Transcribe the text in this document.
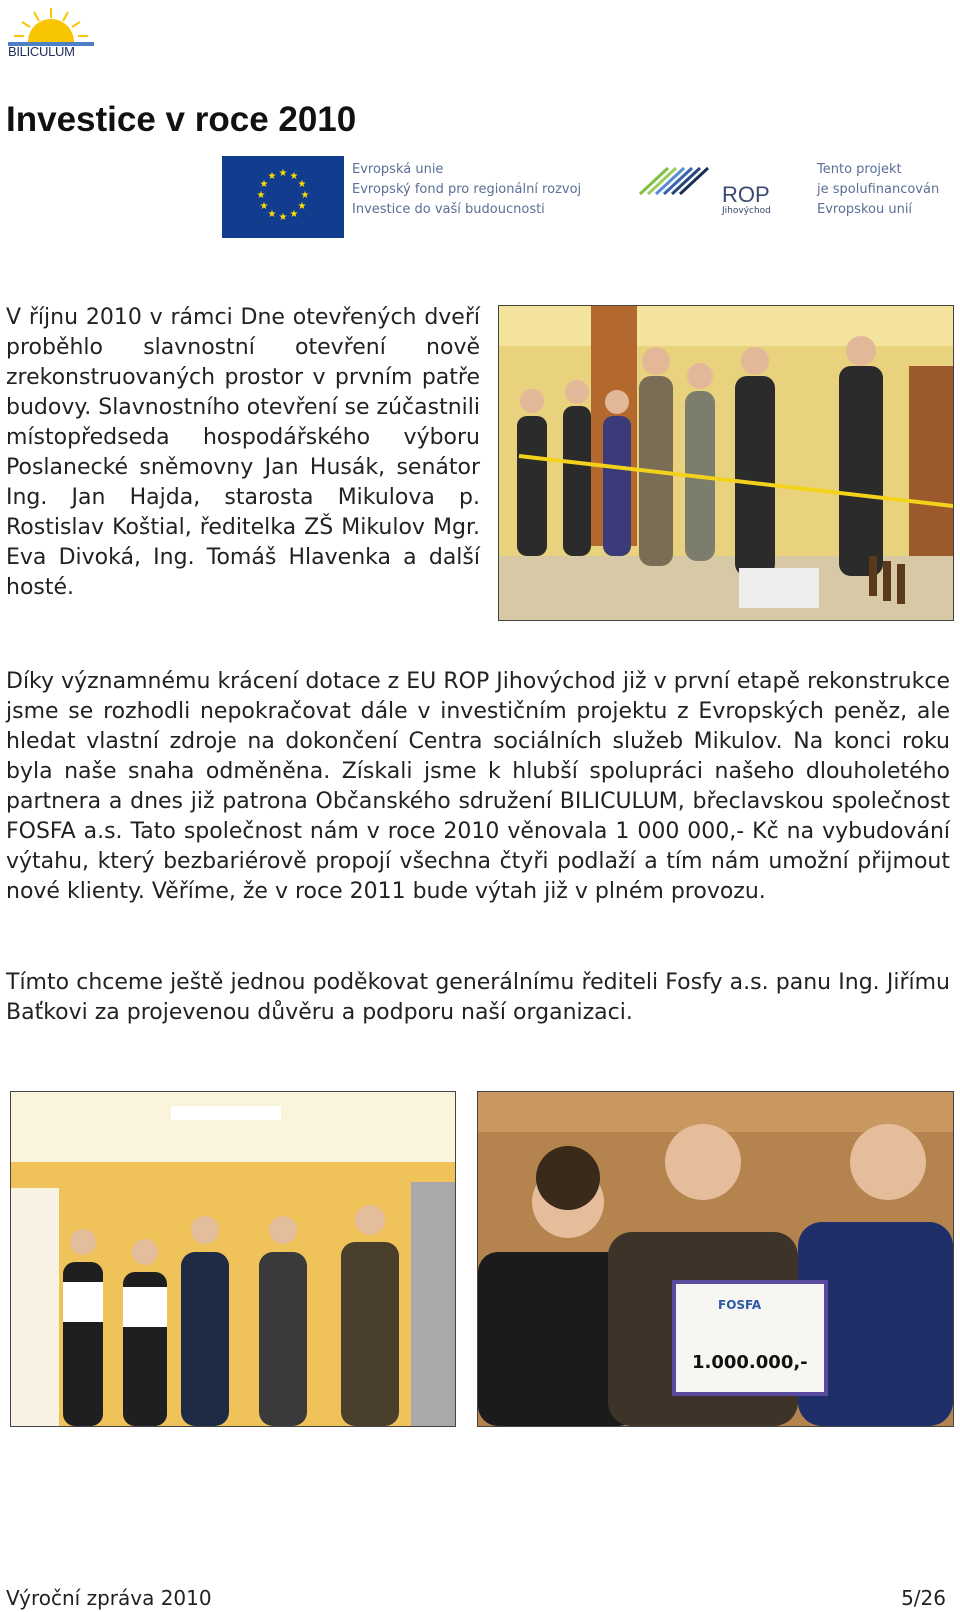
BILICULUM
Investice v roce 2010
★ ★
★
★
★
★
★
★
★
★
★
★	Evropská unie
Evropský fond pro regionální rozvoj
Investice do vaší budoucnosti
ROP
Jihovýchod
Tento projekt
je spolufinancován
Evropskou unií

V říjnu 2010 v rámci Dne otevřených dveří proběhlo slavnostní otevření nově zrekonstruovaných prostor v prvním patře budovy. Slavnostního otevření se zúčastnili místopředseda hospodářského výboru Poslanecké sněmovny Jan Husák, senátor Ing. Jan Hajda, starosta Mikulova p. Rostislav Koštial, ředitelka ZŠ Mikulov Mgr. Eva Divoká, Ing. Tomáš Hlavenka a další hosté.

Díky významnému krácení dotace z EU ROP Jihovýchod již v první etapě rekonstrukce jsme se rozhodli nepokračovat dále v investičním projektu z Evropských peněz, ale hledat vlastní zdroje na dokončení Centra sociálních služeb Mikulov. Na konci roku byla naše snaha odměněna. Získali jsme k hlubší spolupráci našeho dlouholetého partnera a dnes již patrona Občanského sdružení BILICULUM, břeclavskou společnost FOSFA a.s. Tato společnost nám v roce 2010 věnovala 1 000 000,- Kč na vybudování výtahu, který bezbariérově propojí všechna čtyři podlaží a tím nám umožní přijmout nové klienty. Věříme, že v roce 2011 bude výtah již v plném provozu.

Tímto chceme ještě jednou poděkovat generálnímu řediteli Fosfy a.s. panu Ing. Jiřímu Baťkovi za projevenou důvěru a podporu naší organizaci.

FOSFA
1.000.000,-
Výroční zpráva 2010	5/26
